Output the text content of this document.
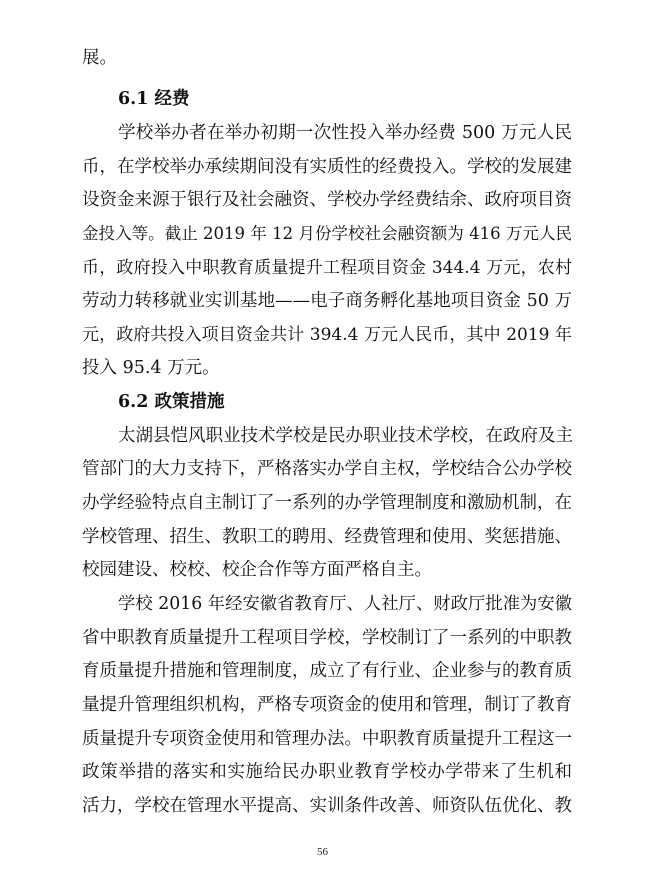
展。
6.1 经费
学校举办者在举办初期一次性投入举办经费 500 万元人民
币，在学校举办承续期间没有实质性的经费投入。学校的发展建
设资金来源于银行及社会融资、学校办学经费结余、政府项目资
金投入等。截止 2019 年 12 月份学校社会融资额为 416 万元人民
币，政府投入中职教育质量提升工程项目资金 344.4 万元，农村
劳动力转移就业实训基地——电子商务孵化基地项目资金 50 万
元，政府共投入项目资金共计 394.4 万元人民币，其中 2019 年
投入 95.4 万元。
6.2 政策措施
太湖县恺风职业技术学校是民办职业技术学校，在政府及主
管部门的大力支持下，严格落实办学自主权，学校结合公办学校
办学经验特点自主制订了一系列的办学管理制度和激励机制，在
学校管理、招生、教职工的聘用、经费管理和使用、奖惩措施、
校园建设、校校、校企合作等方面严格自主。
学校 2016 年经安徽省教育厅、人社厅、财政厅批准为安徽
省中职教育质量提升工程项目学校，学校制订了一系列的中职教
育质量提升措施和管理制度，成立了有行业、企业参与的教育质
量提升管理组织机构，严格专项资金的使用和管理，制订了教育
质量提升专项资金使用和管理办法。中职教育质量提升工程这一
政策举措的落实和实施给民办职业教育学校办学带来了生机和
活力，学校在管理水平提高、实训条件改善、师资队伍优化、教
56
